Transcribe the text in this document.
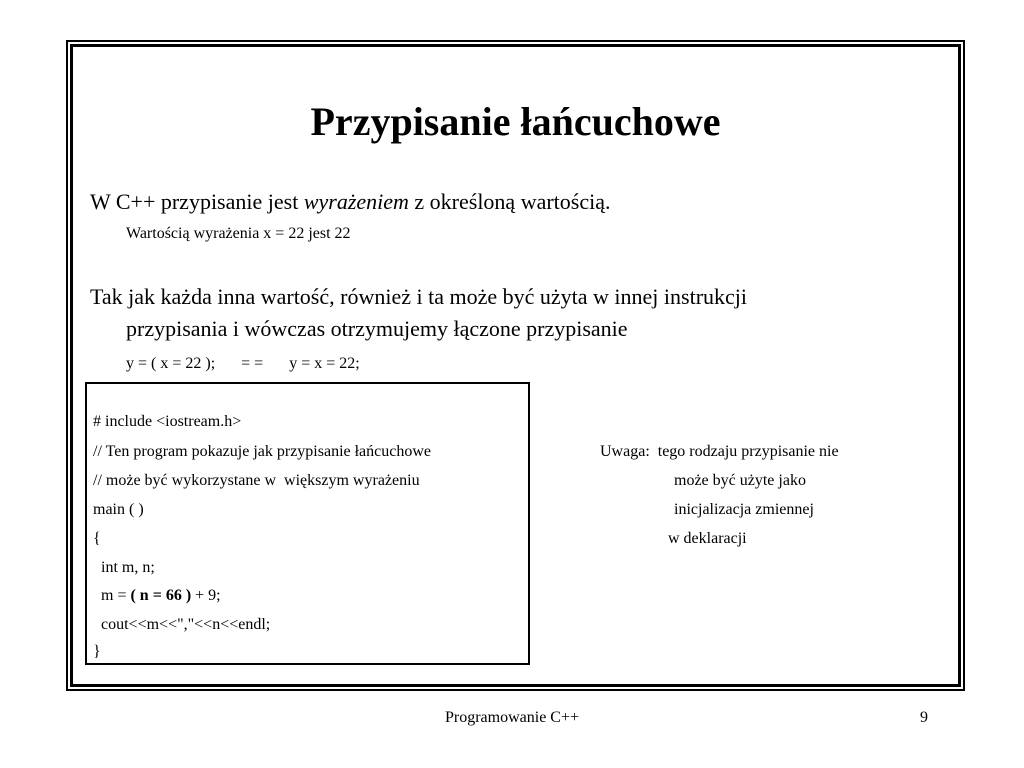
Przypisanie łańcuchowe

W C++ przypisanie jest wyrażeniem z określoną wartością.

Wartością wyrażenia x = 22 jest 22

Tak jak każda inna wartość, również i ta może być użyta w innej instrukcji

przypisania i wówczas otrzymujemy łączone przypisanie

y = ( x = 22 ); = = y = x = 22;

# include <iostream.h>
// Ten program pokazuje jak przypisanie łańcuchowe
// może być wykorzystane w  większym wyrażeniu
main ( )
{
int m, n;
m = ( n = 66 ) + 9;
cout<<m<<","<<n<<endl;
}
Uwaga:  tego rodzaju przypisanie nie
może być użyte jako
inicjalizacja zmiennej
w deklaracji
Programowanie C++	9
